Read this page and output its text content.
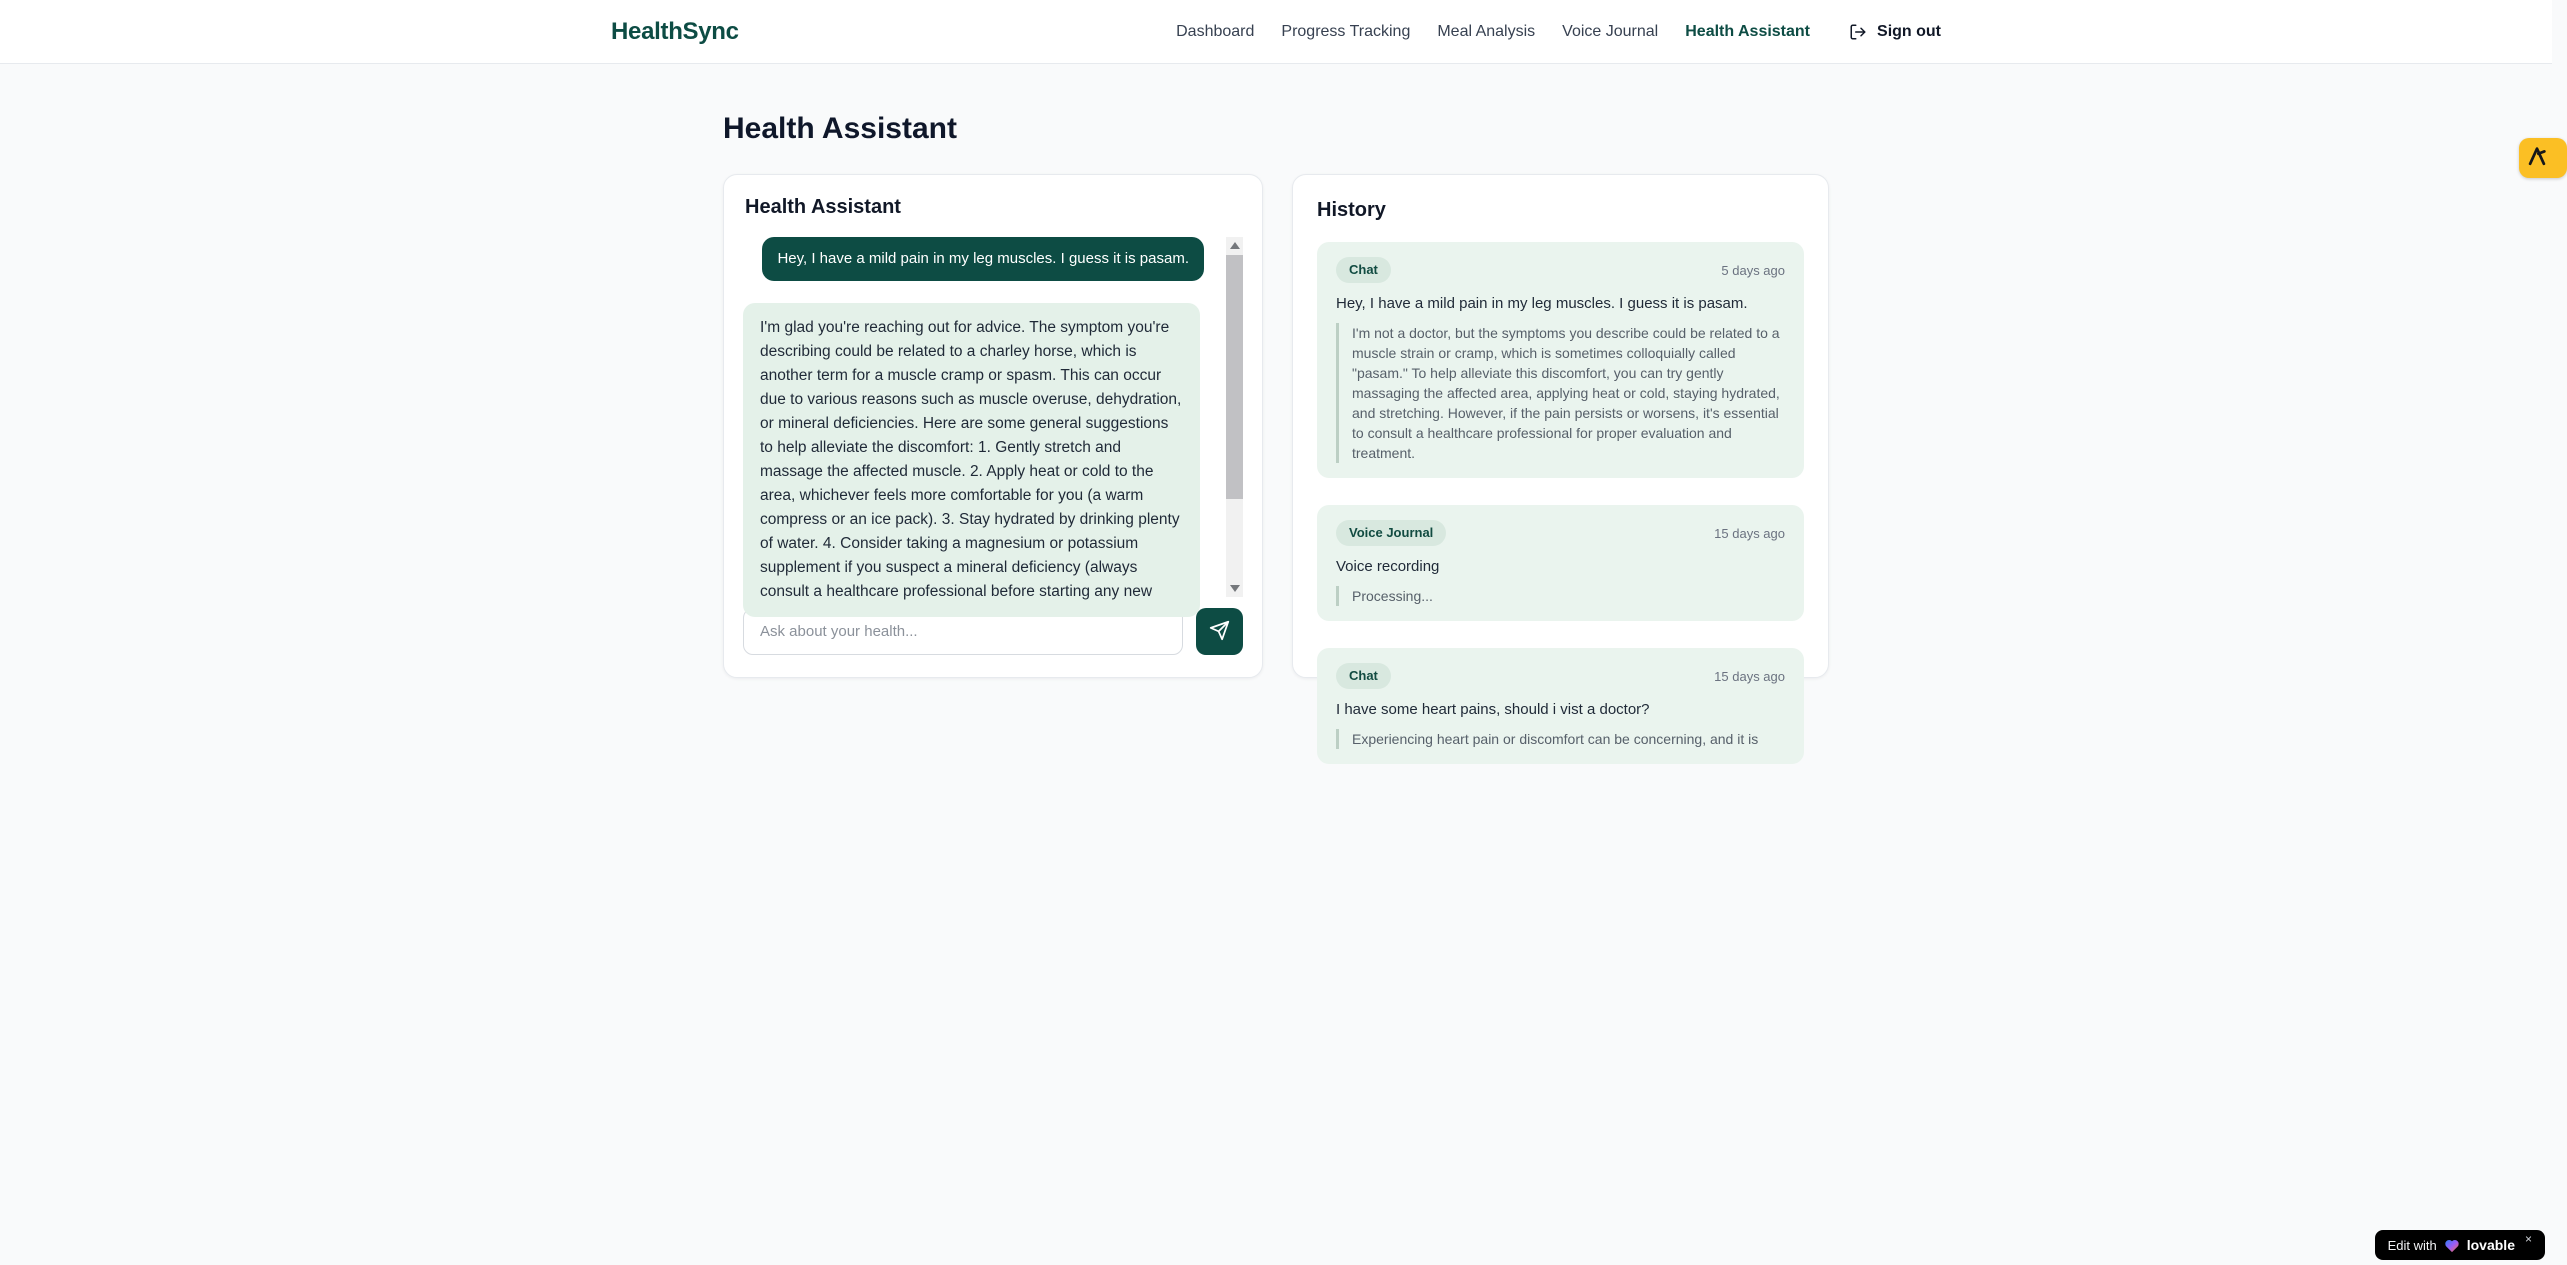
HealthSync	Dashboard Progress Tracking Meal Analysis Voice Journal Health Assistant	Sign out
Health Assistant
Health Assistant
Hey, I have a mild pain in my leg muscles. I guess it is pasam.
I'm glad you're reaching out for advice. The symptom you're describing could be related to a charley horse, which is another term for a muscle cramp or spasm. This can occur due to various reasons such as muscle overuse, dehydration, or mineral deficiencies. Here are some general suggestions to help alleviate the discomfort: 1. Gently stretch and massage the affected muscle. 2. Apply heat or cold to the area, whichever feels more comfortable for you (a warm compress or an ice pack). 3. Stay hydrated by drinking plenty of water. 4. Consider taking a magnesium or potassium supplement if you suspect a mineral deficiency (always consult a healthcare professional before starting any new
Ask about your health...
History
Chat	5 days ago
Hey, I have a mild pain in my leg muscles. I guess it is pasam.
I'm not a doctor, but the symptoms you describe could be related to a muscle strain or cramp, which is sometimes colloquially called "pasam." To help alleviate this discomfort, you can try gently massaging the affected area, applying heat or cold, staying hydrated, and stretching. However, if the pain persists or worsens, it's essential to consult a healthcare professional for proper evaluation and treatment.
Voice Journal	15 days ago
Voice recording
Processing...
Chat	15 days ago
I have some heart pains, should i vist a doctor?
Experiencing heart pain or discomfort can be concerning, and it is
Edit with lovable ×
